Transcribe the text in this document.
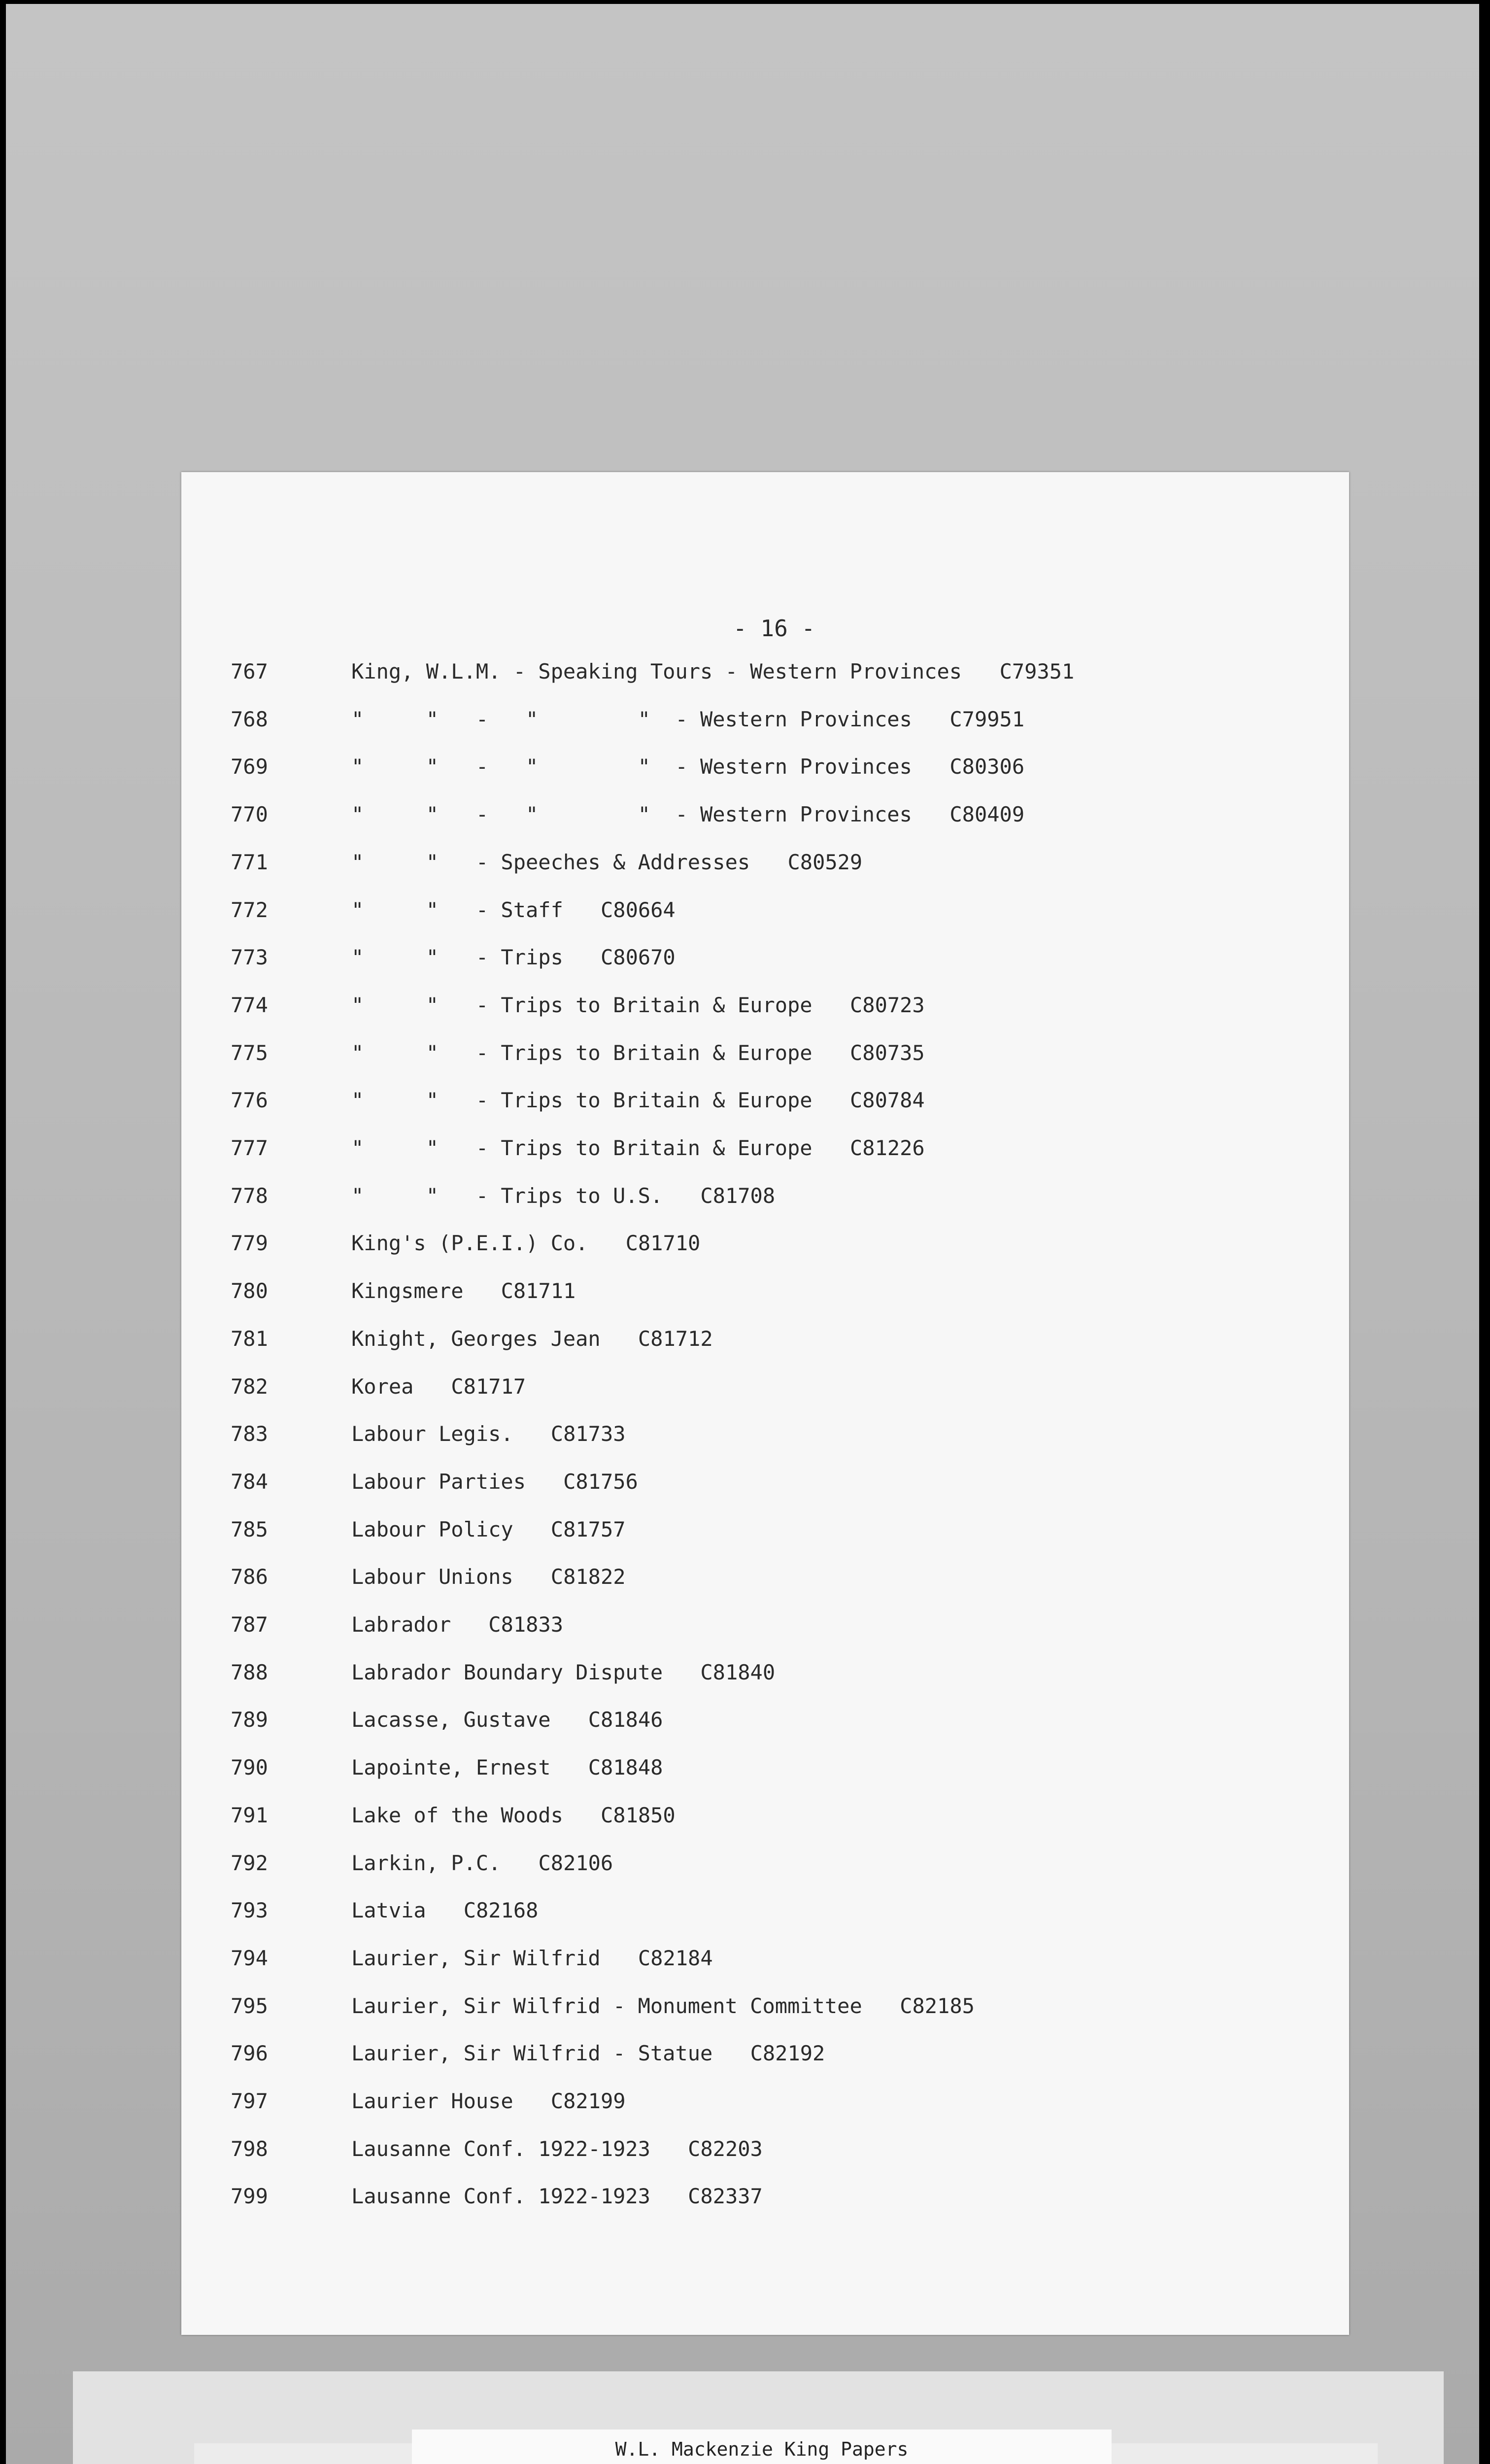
- 16 -
767	King, W.L.M. - Speaking Tours - Western Provinces C79351
768	"     "   -   "        "  - Western Provinces C79951
769	"     "   -   "        "  - Western Provinces C80306
770	"     "   -   "        "  - Western Provinces C80409
771	"     "   - Speeches & Addresses C80529
772	"     "   - Staff C80664
773	"     "   - Trips C80670
774	"     "   - Trips to Britain & Europe C80723
775	"     "   - Trips to Britain & Europe C80735
776	"     "   - Trips to Britain & Europe C80784
777	"     "   - Trips to Britain & Europe C81226
778	"     "   - Trips to U.S. C81708
779	King's (P.E.I.) Co. C81710
780	Kingsmere C81711
781	Knight, Georges Jean C81712
782	Korea C81717
783	Labour Legis. C81733
784	Labour Parties C81756
785	Labour Policy C81757
786	Labour Unions C81822
787	Labrador C81833
788	Labrador Boundary Dispute C81840
789	Lacasse, Gustave C81846
790	Lapointe, Ernest C81848
791	Lake of the Woods C81850
792	Larkin, P.C. C82106
793	Latvia C82168
794	Laurier, Sir Wilfrid C82184
795	Laurier, Sir Wilfrid - Monument Committee C82185
796	Laurier, Sir Wilfrid - Statue C82192
797	Laurier House C82199
798	Lausanne Conf. 1922-1923 C82203
799	Lausanne Conf. 1922-1923 C82337
W.L. Mackenzie King Papers
